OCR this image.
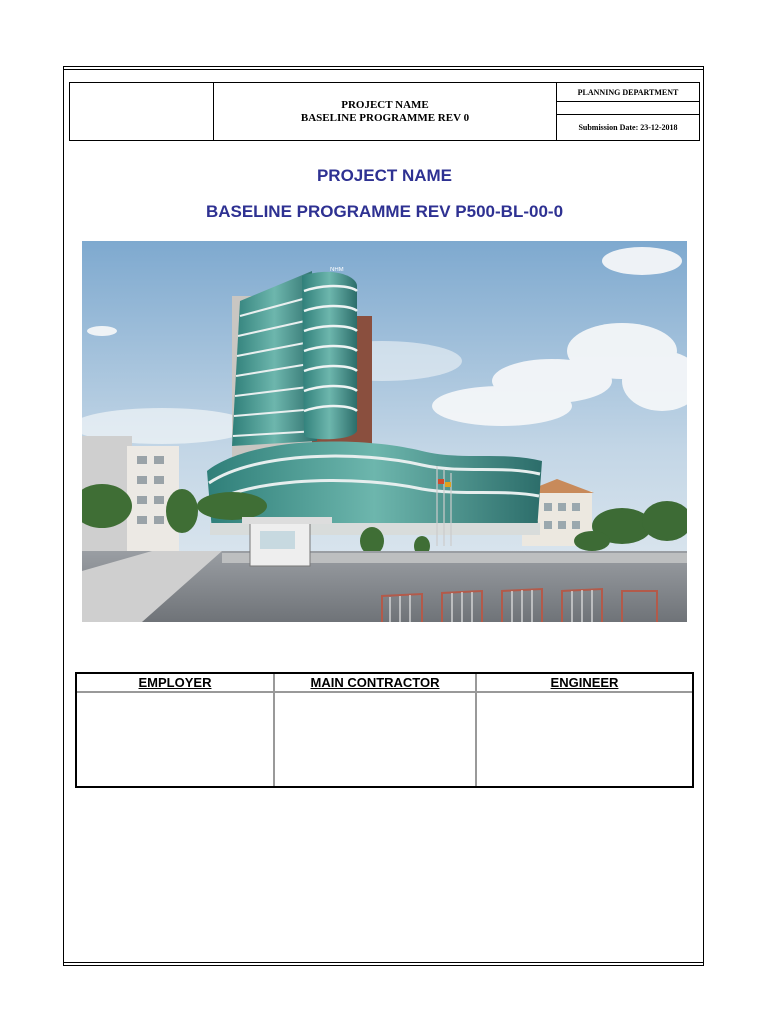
PROJECT NAME
BASELINE PROGRAMME REV 0
PLANNING DEPARTMENT
Submission Date: 23-12-2018
PROJECT NAME
BASELINE PROGRAMME REV P500-BL-00-0
NHM
EMPLOYER	MAIN CONTRACTOR	ENGINEER
